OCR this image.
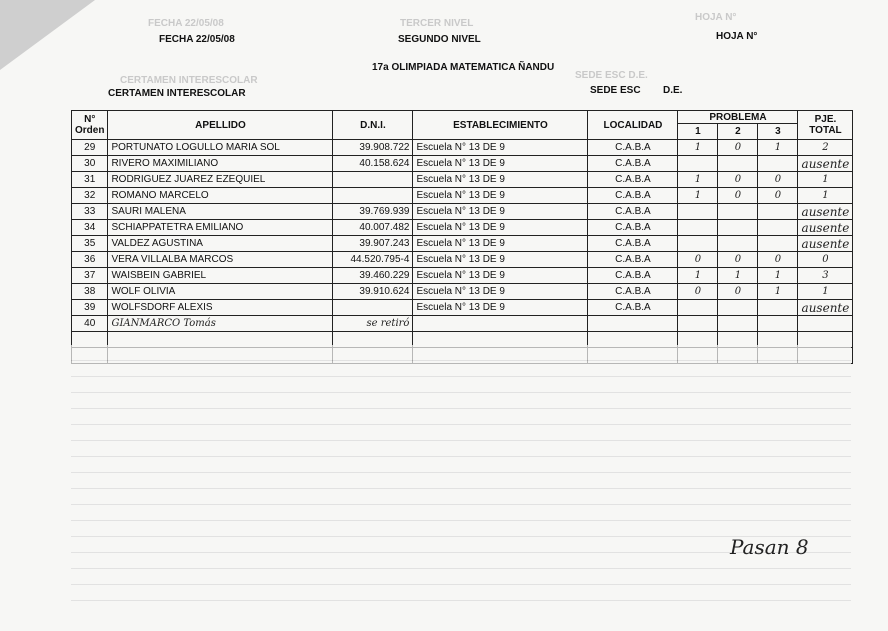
FECHA 22/05/08	TERCER NIVEL
HOJA N°
CERTAMEN INTERESCOLAR	SEDE ESC D.E.
FECHA 22/05/08	SEGUNDO NIVEL	HOJA N°
17a OLIMPIADA MATEMATICA ÑANDU
CERTAMEN INTERESCOLAR	SEDE ESC D.E.
N° Orden	APELLIDO	D.N.I.	ESTABLECIMIENTO	LOCALIDAD	PROBLEMA			PJE. TOTAL
					1	2	3	
29	PORTUNATO LOGULLO MARIA SOL	39.908.722	Escuela N° 13 DE 9	C.A.B.A	1	0	1	2
30	RIVERO MAXIMILIANO	40.158.624	Escuela N° 13 DE 9	C.A.B.A				ausente
31	RODRIGUEZ JUAREZ EZEQUIEL		Escuela N° 13 DE 9	C.A.B.A	1	0	0	1
32	ROMANO MARCELO		Escuela N° 13 DE 9	C.A.B.A	1	0	0	1
33	SAURI MALENA	39.769.939	Escuela N° 13 DE 9	C.A.B.A				ausente
34	SCHIAPPATETRA EMILIANO	40.007.482	Escuela N° 13 DE 9	C.A.B.A				ausente
35	VALDEZ AGUSTINA	39.907.243	Escuela N° 13 DE 9	C.A.B.A				ausente
36	VERA VILLALBA MARCOS	44.520.795-4	Escuela N° 13 DE 9	C.A.B.A	0	0	0	0
37	WAISBEIN GABRIEL	39.460.229	Escuela N° 13 DE 9	C.A.B.A	1	1	1	3
38	WOLF OLIVIA	39.910.624	Escuela N° 13 DE 9	C.A.B.A	0	0	1	1
39	WOLFSDORF ALEXIS		Escuela N° 13 DE 9	C.A.B.A				ausente
40	GIANMARCO Tomás	se retiró						

Pasan 8
